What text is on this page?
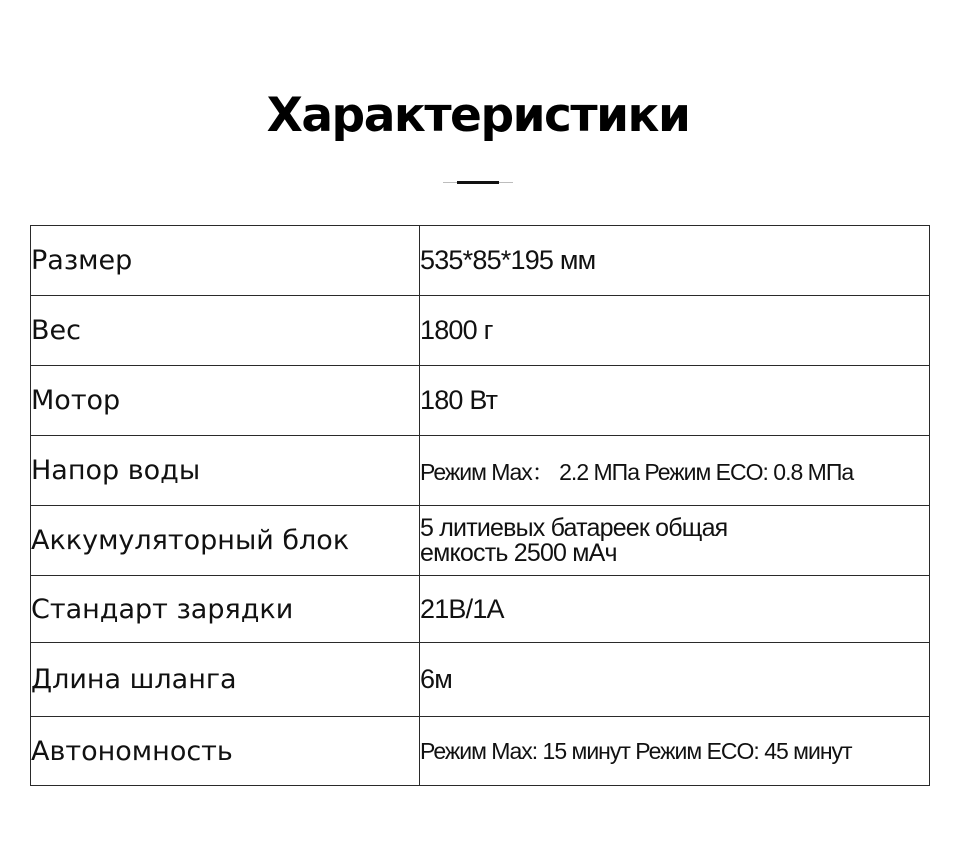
Характеристики
Размер	535*85*195 мм
Вес	1800 г
Мотор	180 Вт
Напор воды	Режим Max： 2.2 МПа Режим ECO: 0.8 МПа
Аккумуляторный блок	5 литиевых батареек общая
емкость 2500 мАч

Стандарт зарядки	21В/1А
Длина шланга	6м
Автономность	Режим Max: 15 минут Режим ECO: 45 минут
